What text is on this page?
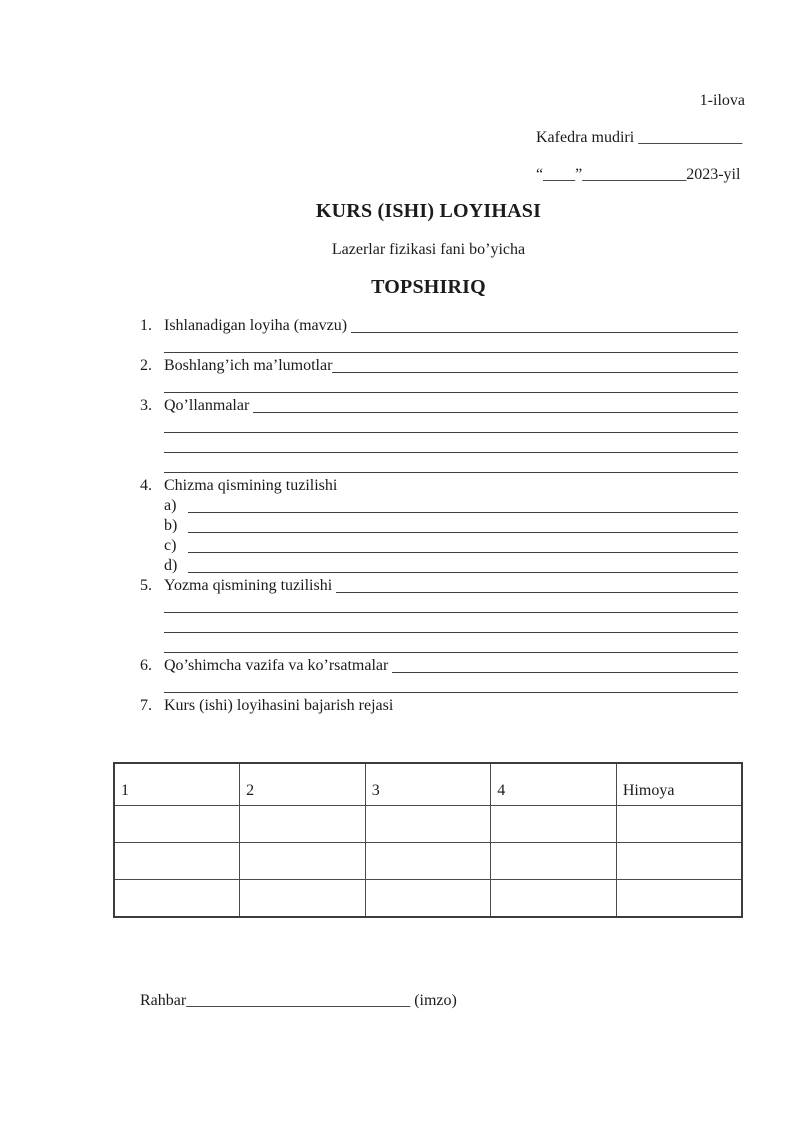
1-ilova
Kafedra mudiri _____________
“____”_____________2023-yil
KURS (ISHI) LOYIHASI
Lazerlar fizikasi fani bo’yicha
TOPSHIRIQ
1. Ishlanadigan loyiha (mavzu)
2. Boshlang’ich ma’lumotlar
3. Qo’llanmalar
4. Chizma qismining tuzilishi
a)
b)
c)
d)
5. Yozma qismining tuzilishi
6. Qo’shimcha vazifa va ko’rsatmalar
7. Kurs (ishi) loyihasini bajarish rejasi
1	2	3	4	Himoya

Rahbar____________________________ (imzo)
